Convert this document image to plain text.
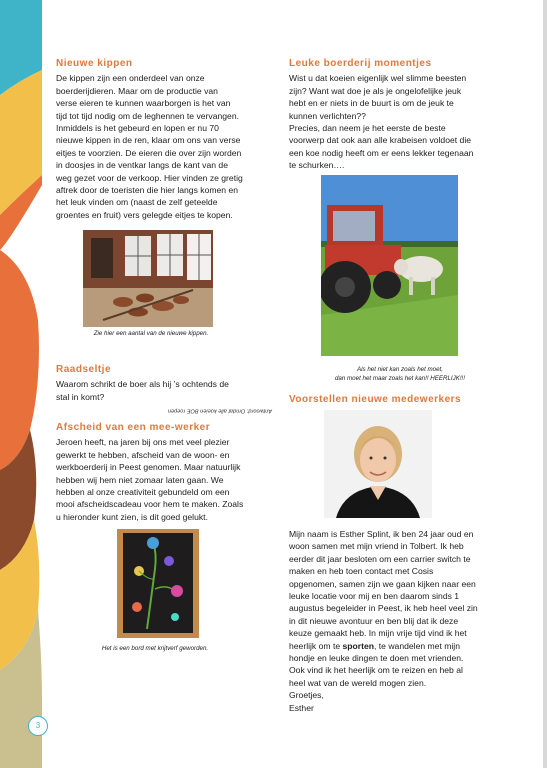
Nieuwe kippen
De kippen zijn een onderdeel van onze
boerderijdieren. Maar om de productie van
verse eieren te kunnen waarborgen is het van
tijd tot tijd nodig om de leghennen te vervangen.
Inmiddels is het gebeurd en lopen er nu 70
nieuwe kippen in de ren, klaar om ons van verse
eitjes te voorzien. De eieren die over zijn worden
in doosjes in de ventkar langs de kant van de
weg gezet voor de verkoop. Hier vinden ze gretig
aftrek door de toeristen die hier langs komen en
het leuk vinden om (naast de zelf geteelde
groentes en fruit) vers gelegde eitjes te kopen.
Zie hier een aantal van de nieuwe kippen.
Raadseltje
Waarom schrikt de boer als hij ’s ochtends de
stal in komt?
Antwoord: Omdat alle koeien BOE roepen
Afscheid van een mee-werker
Jeroen heeft, na jaren bij ons met veel plezier
gewerkt te hebben, afscheid van de woon- en
werkboerderij in Peest genomen. Maar natuurlijk
hebben wij hem niet zomaar laten gaan. We
hebben al onze creativiteit gebundeld om een
mooi afscheidscadeau voor hem te maken. Zoals
u hieronder kunt zien, is dit goed gelukt.
Het is een bord met krijtverf geworden.
Leuke boerderij momentjes
Wist u dat koeien eigenlijk wel slimme beesten
zijn? Want wat doe je als je ongelofelijke jeuk
hebt en er niets in de buurt is om de jeuk te
kunnen verlichten??
Precies, dan neem je het eerste de beste
voorwerp dat ook aan alle krabeisen voldoet die
een koe nodig heeft om er eens lekker tegenaan
te schurken….
Als het niet kan zoals het moet,
dan moet het maar zoals het kan!! HEERLIJK!!!
Voorstellen nieuwe medewerkers
Mijn naam is Esther Splint, ik ben 24 jaar oud en
woon samen met mijn vriend in Tolbert. Ik heb
eerder dit jaar besloten om een carrier switch te
maken en heb toen contact met Cosis
opgenomen, samen zijn we gaan kijken naar een
leuke locatie voor mij en ben daarom sinds 1
augustus begeleider in Peest, ik heb heel veel zin
in dit nieuwe avontuur en ben blij dat ik deze
keuze gemaakt heb. In mijn vrije tijd vind ik het
heerlijk om te sporten, te wandelen met mijn
hondje en leuke dingen te doen met vrienden.
Ook vind ik het heerlijk om te reizen en heb al
heel wat van de wereld mogen zien.
Groetjes,
Esther
3
